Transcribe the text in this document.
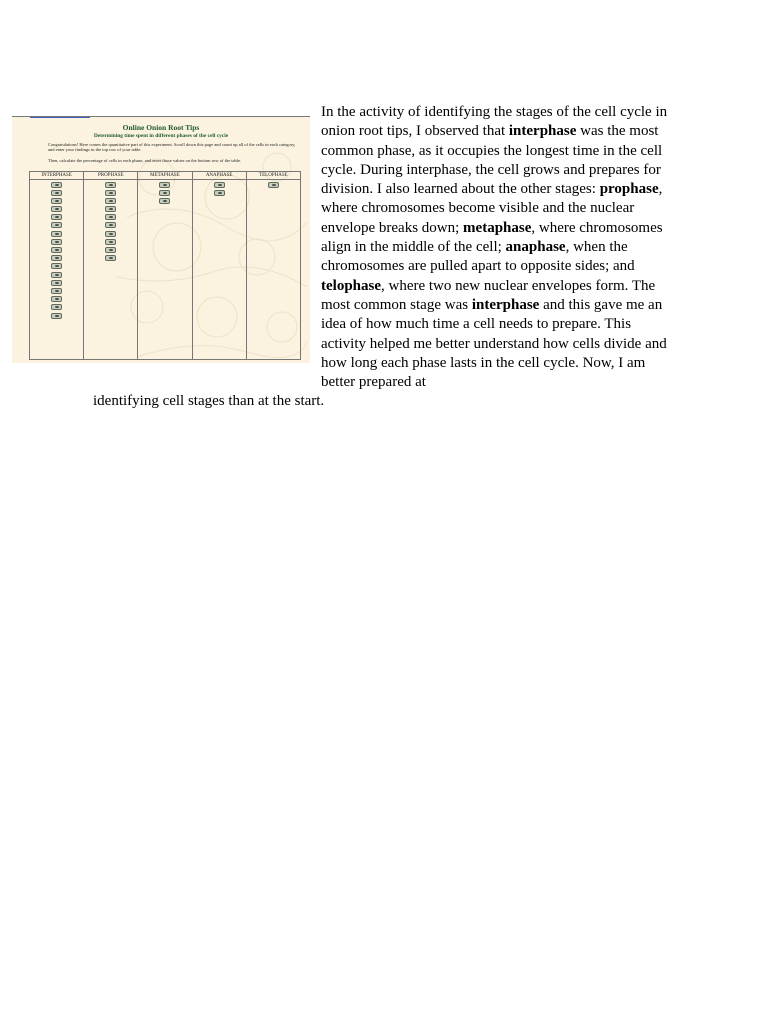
Online Onion Root Tips
Determining time spent in different phases of the cell cycle
Congratulations! Here comes the quantitative part of this experiment. Scroll down this page and count up all of the cells in each category, and enter your findings in the top row of your table.
Then, calculate the percentage of cells in each phase, and enter those values on the bottom row of the table.
INTERPHASE	PROPHASE	METAPHASE	ANAPHASE	TELOPHASE

In the activity of identifying the stages of the cell cycle in onion root tips, I observed that interphase was the most common phase, as it occupies the longest time in the cell cycle. During interphase, the cell grows and prepares for division. I also learned about the other stages: prophase, where chromosomes become visible and the nuclear envelope breaks down; metaphase, where chromosomes align in the middle of the cell; anaphase, when the chromosomes are pulled apart to opposite sides; and telophase, where two new nuclear envelopes form. The most common stage was interphase and this gave me an idea of how much time a cell needs to prepare. This activity helped me better understand how cells divide and how long each phase lasts in the cell cycle. Now, I am better prepared at
identifying cell stages than at the start.
